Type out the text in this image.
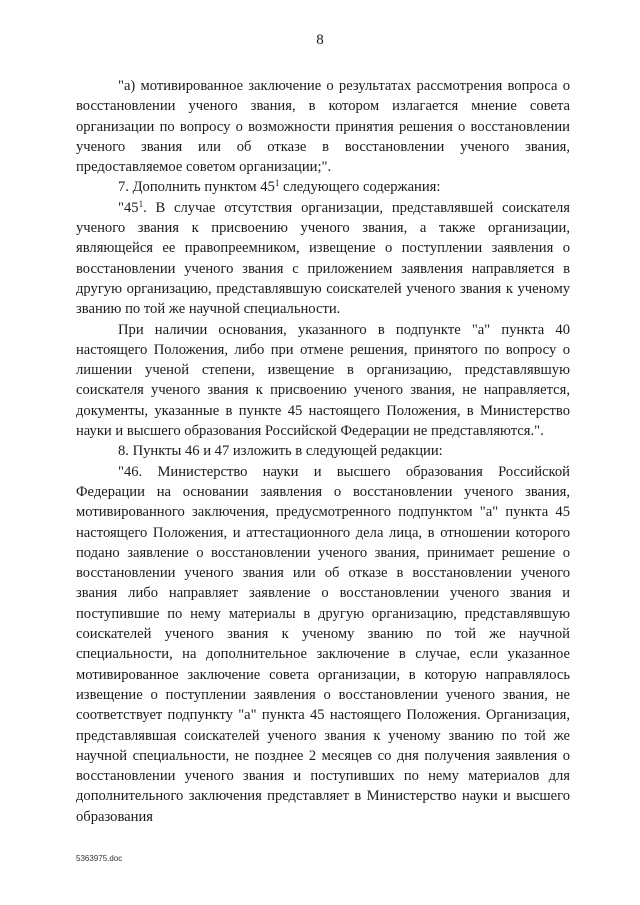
8

"а) мотивированное заключение о результатах рассмотрения вопроса о восстановлении ученого звания, в котором излагается мнение совета организации по вопросу о возможности принятия решения о восстановлении ученого звания или об отказе в восстановлении ученого звания, предоставляемое советом организации;".

7. Дополнить пунктом $45^1$ следующего содержания:

"$45^1$. В случае отсутствия организации, представлявшей соискателя ученого звания к присвоению ученого звания, а также организации, являющейся ее правопреемником, извещение о поступлении заявления о восстановлении ученого звания с приложением заявления направляется в другую организацию, представлявшую соискателей ученого звания к ученому званию по той же научной специальности.

При наличии основания, указанного в подпункте "а" пункта 40 настоящего Положения, либо при отмене решения, принятого по вопросу о лишении ученой степени, извещение в организацию, представлявшую соискателя ученого звания к присвоению ученого звания, не направляется, документы, указанные в пункте 45 настоящего Положения, в Министерство науки и высшего образования Российской Федерации не представляются.".

8. Пункты 46 и 47 изложить в следующей редакции:

"46. Министерство науки и высшего образования Российской Федерации на основании заявления о восстановлении ученого звания, мотивированного заключения, предусмотренного подпунктом "а" пункта 45 настоящего Положения, и аттестационного дела лица, в отношении которого подано заявление о восстановлении ученого звания, принимает решение о восстановлении ученого звания или об отказе в восстановлении ученого звания либо направляет заявление о восстановлении ученого звания и поступившие по нему материалы в другую организацию, представлявшую соискателей ученого звания к ученому званию по той же научной специальности, на дополнительное заключение в случае, если указанное мотивированное заключение совета организации, в которую направлялось извещение о поступлении заявления о восстановлении ученого звания, не соответствует подпункту "а" пункта 45 настоящего Положения. Организация, представлявшая соискателей ученого звания к ученому званию по той же научной специальности, не позднее 2 месяцев со дня получения заявления о восстановлении ученого звания и поступивших по нему материалов для дополнительного заключения представляет в Министерство науки и высшего образования

5363975.doc
